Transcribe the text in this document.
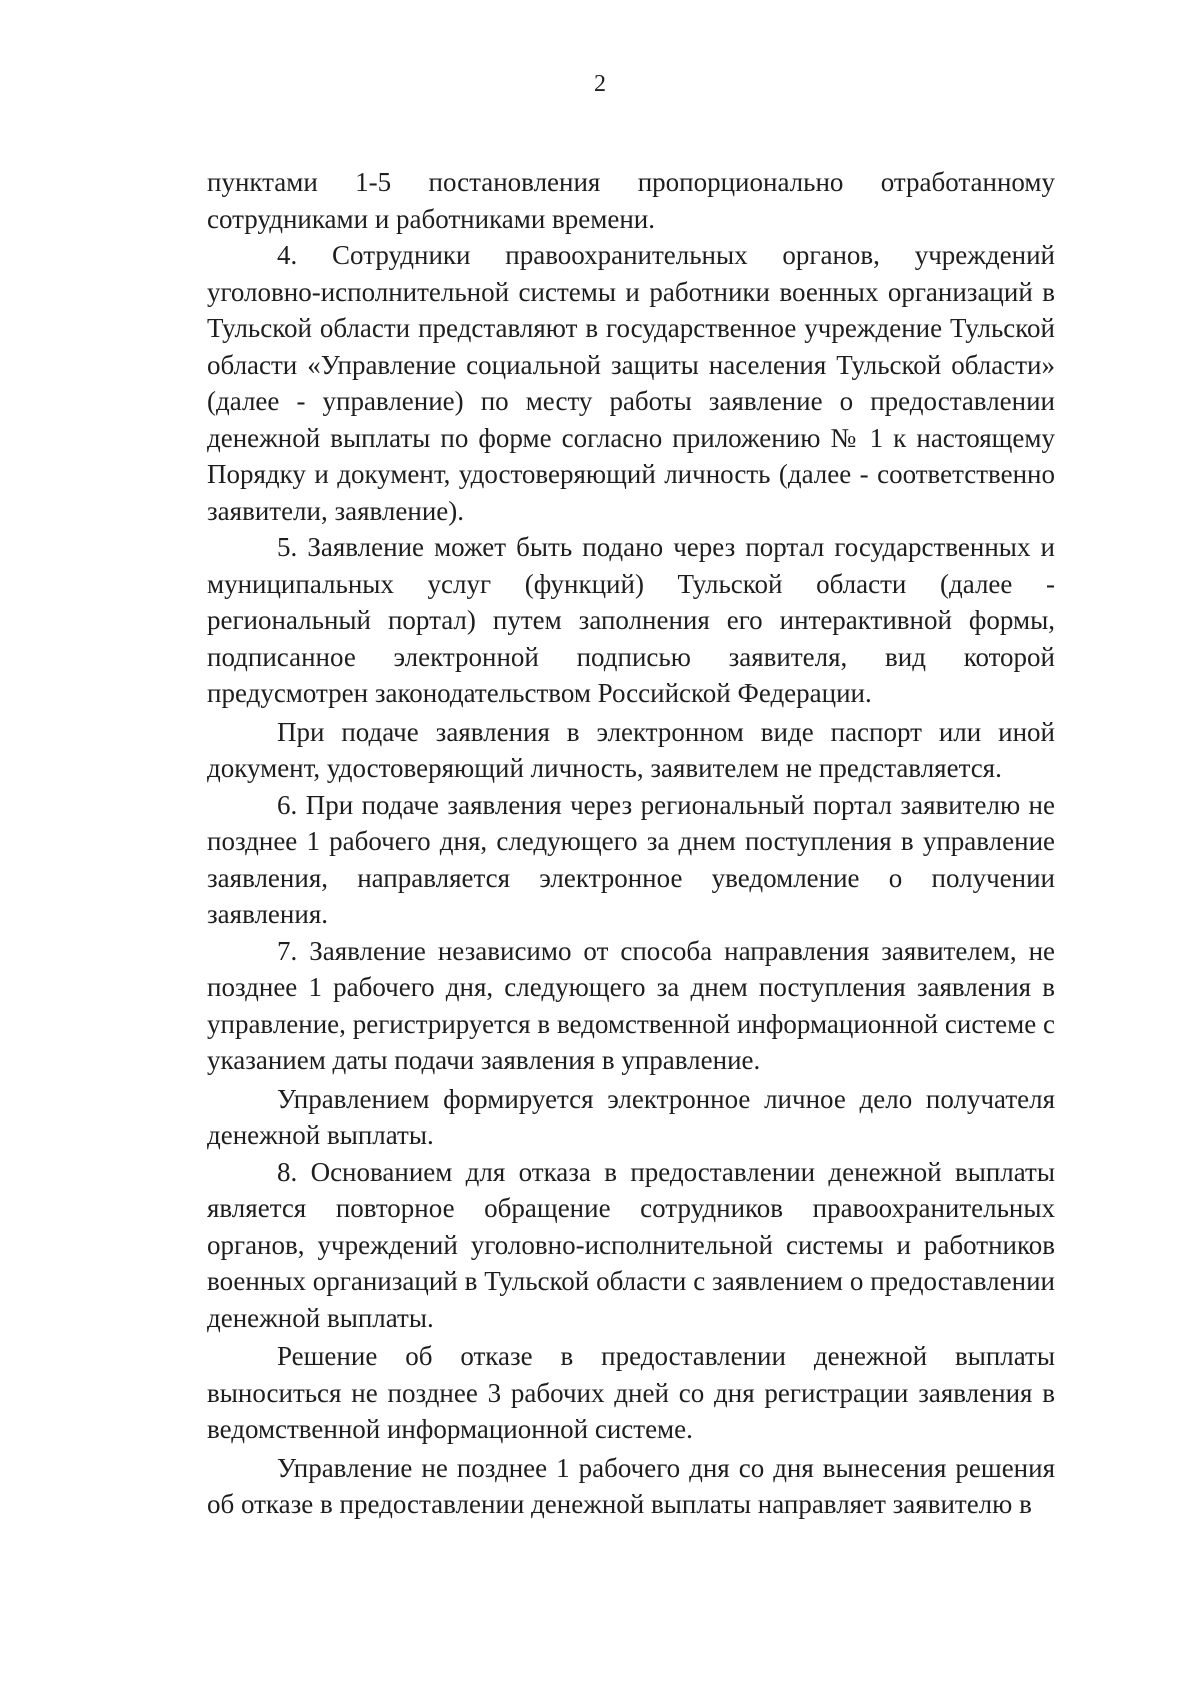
2

пунктами 1-5 постановления пропорционально отработанному сотрудниками и работниками времени.

4. Сотрудники правоохранительных органов, учреждений уголовно-исполнительной системы и работники военных организаций в Тульской области представляют в государственное учреждение Тульской области «Управление социальной защиты населения Тульской области» (далее - управление) по месту работы заявление о предоставлении денежной выплаты по форме согласно приложению № 1 к настоящему Порядку и документ, удостоверяющий личность (далее - соответственно заявители, заявление).

5. Заявление может быть подано через портал государственных и муниципальных услуг (функций) Тульской области (далее - региональный портал) путем заполнения его интерактивной формы, подписанное электронной подписью заявителя, вид которой предусмотрен законодательством Российской Федерации.

При подаче заявления в электронном виде паспорт или иной документ, удостоверяющий личность, заявителем не представляется.

6. При подаче заявления через региональный портал заявителю не позднее 1 рабочего дня, следующего за днем поступления в управление заявления, направляется электронное уведомление о получении заявления.

7. Заявление независимо от способа направления заявителем, не позднее 1 рабочего дня, следующего за днем поступления заявления в управление, регистрируется в ведомственной информационной системе с указанием даты подачи заявления в управление.

Управлением формируется электронное личное дело получателя денежной выплаты.

8. Основанием для отказа в предоставлении денежной выплаты является повторное обращение сотрудников правоохранительных органов, учреждений уголовно-исполнительной системы и работников военных организаций в Тульской области с заявлением о предоставлении денежной выплаты.

Решение об отказе в предоставлении денежной выплаты выноситься не позднее 3 рабочих дней со дня регистрации заявления в ведомственной информационной системе.

Управление не позднее 1 рабочего дня со дня вынесения решения об отказе в предоставлении денежной выплаты направляет заявителю в
